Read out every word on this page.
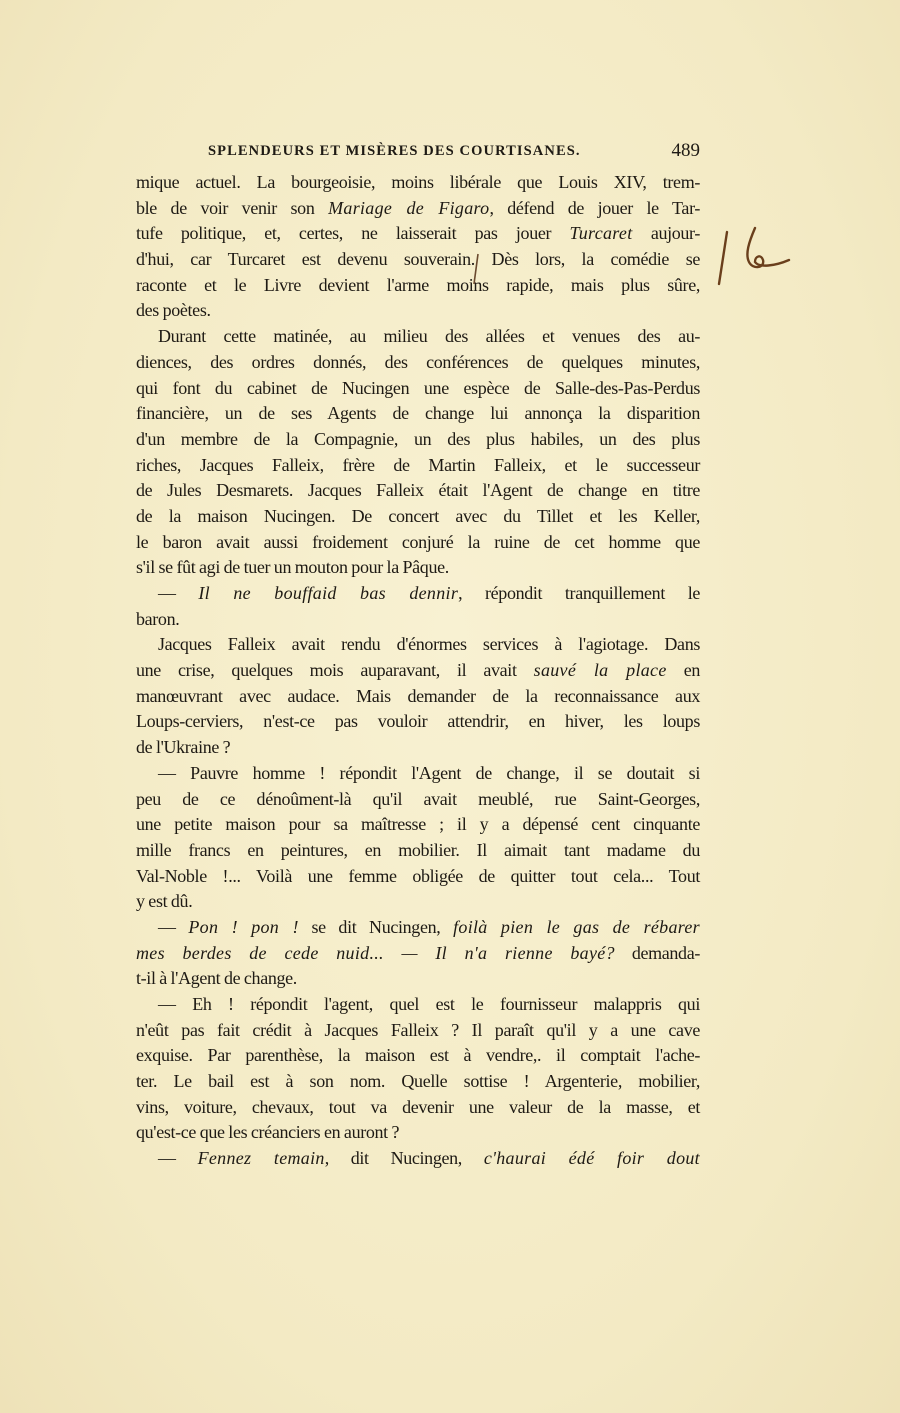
SPLENDEURS ET MISÈRES DES COURTISANES.	489
mique actuel. La bourgeoisie, moins libérale que Louis XIV, trem-
ble de voir venir son Mariage de Figaro, défend de jouer le Tar-
tufe politique, et, certes, ne laisserait pas jouer Turcaret aujour-
d'hui, car Turcaret est devenu souverain. Dès lors, la comédie se
raconte et le Livre devient l'arme moins rapide, mais plus sûre,
des poètes.
Durant cette matinée, au milieu des allées et venues des au-
diences, des ordres donnés, des conférences de quelques minutes,
qui font du cabinet de Nucingen une espèce de Salle-des-Pas-Perdus
financière, un de ses Agents de change lui annonça la disparition
d'un membre de la Compagnie, un des plus habiles, un des plus
riches, Jacques Falleix, frère de Martin Falleix, et le successeur
de Jules Desmarets. Jacques Falleix était l'Agent de change en titre
de la maison Nucingen. De concert avec du Tillet et les Keller,
le baron avait aussi froidement conjuré la ruine de cet homme que
s'il se fût agi de tuer un mouton pour la Pâque.
— Il ne bouffaid bas dennir, répondit tranquillement le
baron.
Jacques Falleix avait rendu d'énormes services à l'agiotage. Dans
une crise, quelques mois auparavant, il avait sauvé la place en
manœuvrant avec audace. Mais demander de la reconnaissance aux
Loups-cerviers, n'est-ce pas vouloir attendrir, en hiver, les loups
de l'Ukraine ?
— Pauvre homme ! répondit l'Agent de change, il se doutait si
peu de ce dénoûment-là qu'il avait meublé, rue Saint-Georges,
une petite maison pour sa maîtresse ; il y a dépensé cent cinquante
mille francs en peintures, en mobilier. Il aimait tant madame du
Val-Noble !... Voilà une femme obligée de quitter tout cela... Tout
y est dû.
— Pon ! pon ! se dit Nucingen, foilà pien le gas de rébarer
mes berdes de cede nuid... — Il n'a rienne bayé? demanda-
t-il à l'Agent de change.
— Eh ! répondit l'agent, quel est le fournisseur malappris qui
n'eût pas fait crédit à Jacques Falleix ? Il paraît qu'il y a une cave
exquise. Par parenthèse, la maison est à vendre,. il comptait l'ache-
ter. Le bail est à son nom. Quelle sottise ! Argenterie, mobilier,
vins, voiture, chevaux, tout va devenir une valeur de la masse, et
qu'est-ce que les créanciers en auront ?
— Fennez temain, dit Nucingen, c'haurai édé foir dout
